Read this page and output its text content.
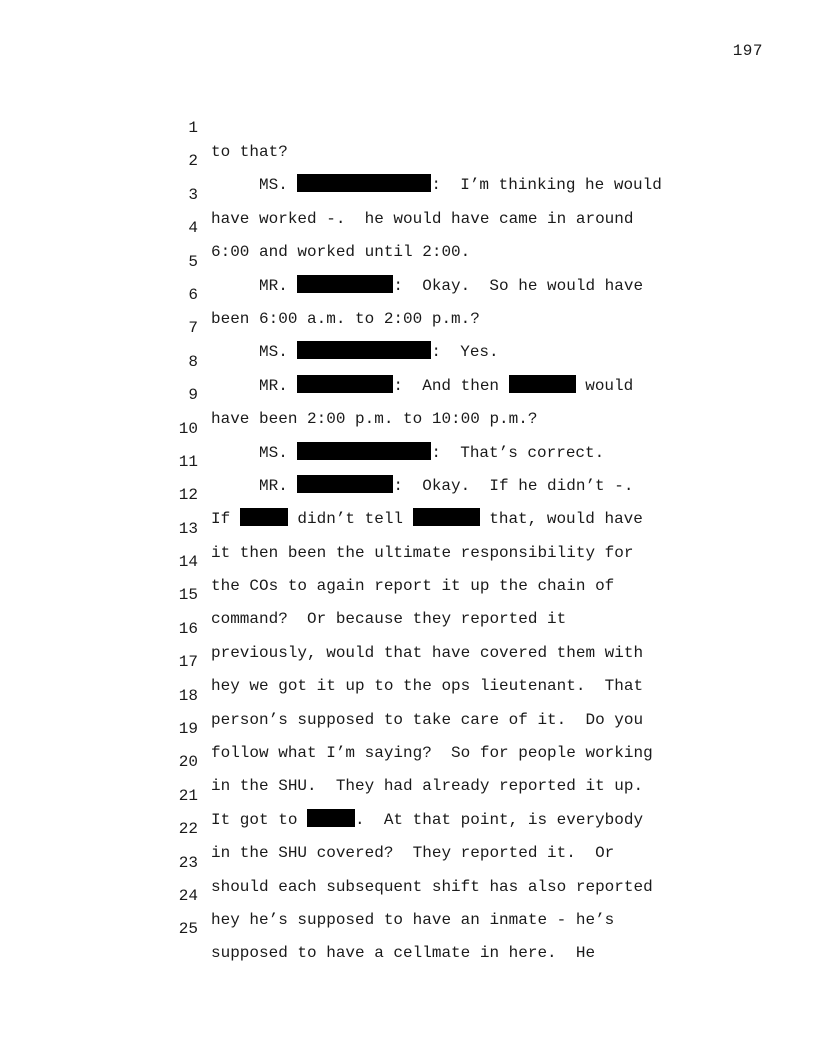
197

1

to that?

2

MS.	:  I’m thinking he would

3

have worked -.  he would have came in around

4

6:00 and worked until 2:00.

5

MR.	:  Okay.  So he would have

6

been 6:00 a.m. to 2:00 p.m.?

7

MS.	:  Yes.

8

MR.	:  And then	would

9

have been 2:00 p.m. to 10:00 p.m.?

10

MS.	:  That’s correct.

11

MR.	:  Okay.  If he didn’t -.

12

If	didn’t tell	that, would have

13

it then been the ultimate responsibility for

14

the COs to again report it up the chain of

15

command?  Or because they reported it

16

previously, would that have covered them with

17

hey we got it up to the ops lieutenant.  That

18

person’s supposed to take care of it.  Do you

19

follow what I’m saying?  So for people working

20

in the SHU.  They had already reported it up.

21

It got to	.  At that point, is everybody

22

in the SHU covered?  They reported it.  Or

23

should each subsequent shift has also reported

24

hey he’s supposed to have an inmate - he’s

25

supposed to have a cellmate in here.  He
